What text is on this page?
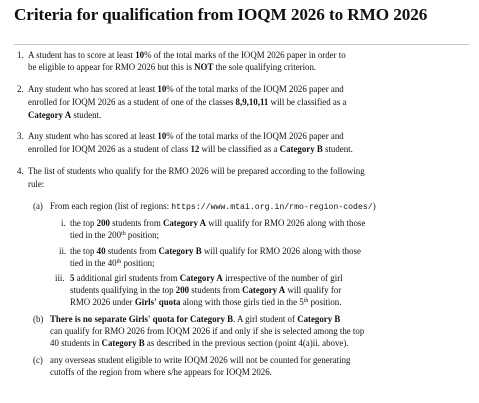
Criteria for qualification from IOQM 2026 to RMO 2026
1. A student has to score at least 10% of the total marks of the IOQM 2026 paper in order to
be eligible to appear for RMO 2026 but this is NOT the sole qualifying criterion.
2. Any student who has scored at least 10% of the total marks of the IOQM 2026 paper and
enrolled for IOQM 2026 as a student of one of the classes 8,9,10,11 will be classified as a
Category A student.
3. Any student who has scored at least 10% of the total marks of the IOQM 2026 paper and
enrolled for IOQM 2026 as a student of class 12 will be classified as a Category B student.
4. The list of students who qualify for the RMO 2026 will be prepared according to the following
rule:
(a) From each region (list of regions: https://www.mtai.org.in/rmo-region-codes/)
i. the top 200 students from Category A will qualify for RMO 2026 along with those
tied in the 200th position;
ii. the top 40 students from Category B will qualify for RMO 2026 along with those
tied in the 40th position;
iii. 5 additional girl students from Category A irrespective of the number of girl
students qualifying in the top 200 students from Category A will qualify for
RMO 2026 under Girls' quota along with those girls tied in the 5th position.
(b) There is no separate Girls' quota for Category B. A girl student of Category B
can qualify for RMO 2026 from IOQM 2026 if and only if she is selected among the top
40 students in Category B as described in the previous section (point 4(a)ii. above).
(c) any overseas student eligible to write IOQM 2026 will not be counted for generating
cutoffs of the region from where s/he appears for IOQM 2026.
